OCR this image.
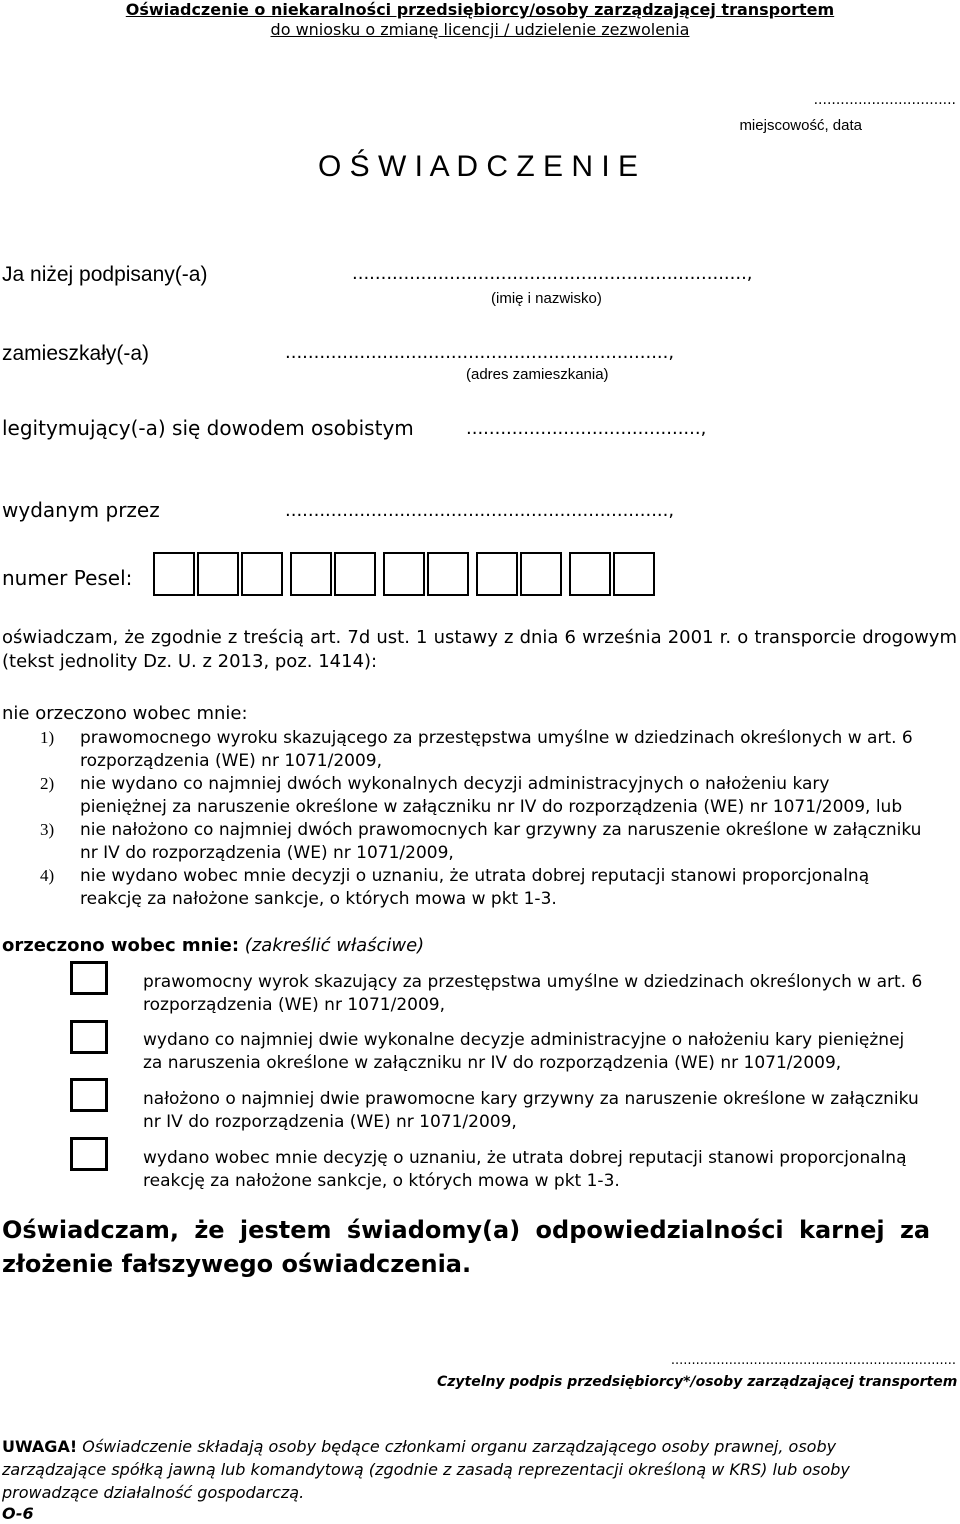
Oświadczenie o niekaralności przedsiębiorcy/osoby zarządzającej transportem
do wniosku o zmianę licencji / udzielenie zezwolenia
................................
miejscowość, data
O Ś W I A D C Z E N I E
Ja niżej podpisany(-a)	.....................................................................,
(imię i nazwisko)
zamieszkały(-a)	...................................................................,
(adres zamieszkania)
legitymujący(-a) się dowodem osobistym	.........................................,
wydanym przez	...................................................................,
numer Pesel:
oświadczam, że zgodnie z treścią art. 7d ust. 1 ustawy z dnia 6 września 2001 r. o transporcie drogowym (tekst jednolity Dz. U. z 2013, poz. 1414):
nie orzeczono wobec mnie:
1) prawomocnego wyroku skazującego za przestępstwa umyślne w dziedzinach określonych w art. 6
rozporządzenia (WE) nr 1071/2009,
2) nie wydano co najmniej dwóch wykonalnych decyzji administracyjnych o nałożeniu kary
pieniężnej za naruszenie określone w załączniku nr IV do rozporządzenia (WE) nr 1071/2009, lub
3) nie nałożono co najmniej dwóch prawomocnych kar grzywny za naruszenie określone w załączniku
nr IV do rozporządzenia (WE) nr 1071/2009,
4) nie wydano wobec mnie decyzji o uznaniu, że utrata dobrej reputacji stanowi proporcjonalną
reakcję za nałożone sankcje, o których mowa w pkt 1-3.
orzeczono wobec mnie: (zakreślić właściwe)
prawomocny wyrok skazujący za przestępstwa umyślne w dziedzinach określonych w art. 6
rozporządzenia (WE) nr 1071/2009,
wydano co najmniej dwie wykonalne decyzje administracyjne o nałożeniu kary pieniężnej
za naruszenia określone w załączniku nr IV do rozporządzenia (WE) nr 1071/2009,
nałożono o najmniej dwie prawomocne kary grzywny za naruszenie określone w załączniku
nr IV do rozporządzenia (WE) nr 1071/2009,
wydano wobec mnie decyzję o uznaniu, że utrata dobrej reputacji stanowi proporcjonalną
reakcję za nałożone sankcje, o których mowa w pkt 1-3.
Oświadczam, że jestem świadomy(a) odpowiedzialności karnej za
złożenie fałszywego oświadczenia.
.....................................................................
Czytelny podpis przedsiębiorcy*/osoby zarządzającej transportem
UWAGA! Oświadczenie składają osoby będące członkami organu zarządzającego osoby prawnej, osoby
zarządzające spółką jawną lub komandytową (zgodnie z zasadą reprezentacji określoną w KRS) lub osoby
prowadzące działalność gospodarczą.
O-6
